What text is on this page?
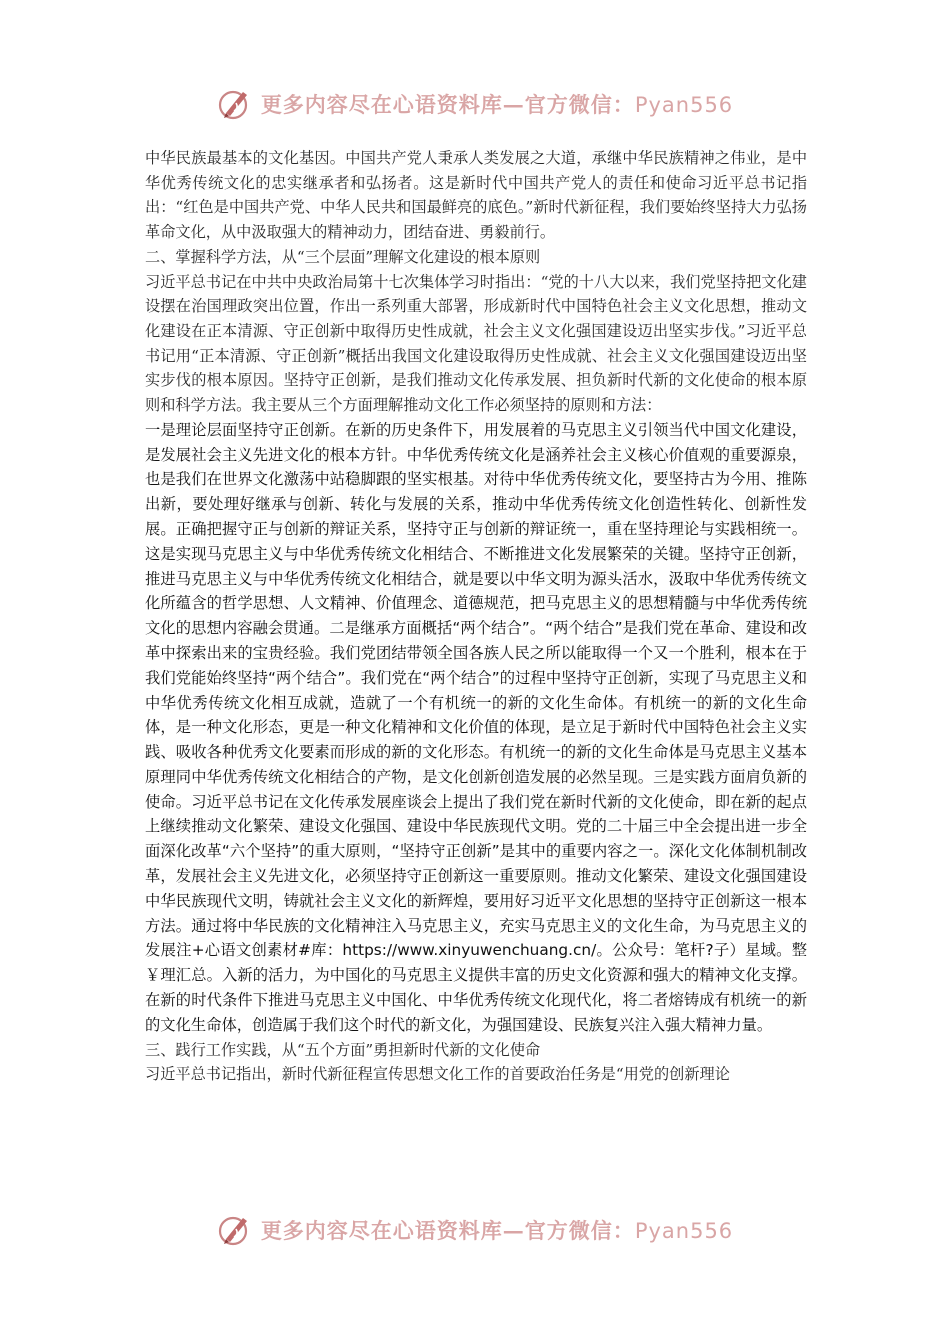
更多内容尽在心语资料库—官方微信：Pyan556

中华民族最基本的文化基因。中国共产党人秉承人类发展之大道，承继中华民族精神之伟业，是中华优秀传统文化的忠实继承者和弘扬者。这是新时代中国共产党人的责任和使命习近平总书记指出：“红色是中国共产党、中华人民共和国最鲜亮的底色。”新时代新征程，我们要始终坚持大力弘扬革命文化，从中汲取强大的精神动力，团结奋进、勇毅前行。

二、掌握科学方法，从“三个层面”理解文化建设的根本原则

习近平总书记在中共中央政治局第十七次集体学习时指出：“党的十八大以来，我们党坚持把文化建设摆在治国理政突出位置，作出一系列重大部署，形成新时代中国特色社会主义文化思想，推动文化建设在正本清源、守正创新中取得历史性成就，社会主义文化强国建设迈出坚实步伐。”习近平总书记用“正本清源、守正创新”概括出我国文化建设取得历史性成就、社会主义文化强国建设迈出坚实步伐的根本原因。坚持守正创新，是我们推动文化传承发展、担负新时代新的文化使命的根本原则和科学方法。我主要从三个方面理解推动文化工作必须坚持的原则和方法：

一是理论层面坚持守正创新。在新的历史条件下，用发展着的马克思主义引领当代中国文化建设，是发展社会主义先进文化的根本方针。中华优秀传统文化是涵养社会主义核心价值观的重要源泉，也是我们在世界文化激荡中站稳脚跟的坚实根基。对待中华优秀传统文化，要坚持古为今用、推陈出新，要处理好继承与创新、转化与发展的关系，推动中华优秀传统文化创造性转化、创新性发展。正确把握守正与创新的辩证关系，坚持守正与创新的辩证统一，重在坚持理论与实践相统一。这是实现马克思主义与中华优秀传统文化相结合、不断推进文化发展繁荣的关键。坚持守正创新，推进马克思主义与中华优秀传统文化相结合，就是要以中华文明为源头活水，汲取中华优秀传统文化所蕴含的哲学思想、人文精神、价值理念、道德规范，把马克思主义的思想精髓与中华优秀传统文化的思想内容融会贯通。二是继承方面概括“两个结合”。“两个结合”是我们党在革命、建设和改革中探索出来的宝贵经验。我们党团结带领全国各族人民之所以能取得一个又一个胜利，根本在于我们党能始终坚持“两个结合”。我们党在“两个结合”的过程中坚持守正创新，实现了马克思主义和中华优秀传统文化相互成就，造就了一个有机统一的新的文化生命体。有机统一的新的文化生命体，是一种文化形态，更是一种文化精神和文化价值的体现，是立足于新时代中国特色社会主义实践、吸收各种优秀文化要素而形成的新的文化形态。有机统一的新的文化生命体是马克思主义基本原理同中华优秀传统文化相结合的产物，是文化创新创造发展的必然呈现。三是实践方面肩负新的使命。习近平总书记在文化传承发展座谈会上提出了我们党在新时代新的文化使命，即在新的起点上继续推动文化繁荣、建设文化强国、建设中华民族现代文明。党的二十届三中全会提出进一步全面深化改革“六个坚持”的重大原则，“坚持守正创新”是其中的重要内容之一。深化文化体制机制改革，发展社会主义先进文化，必须坚持守正创新这一重要原则。推动文化繁荣、建设文化强国建设中华民族现代文明，铸就社会主义文化的新辉煌，要用好习近平文化思想的坚持守正创新这一根本方法。通过将中华民族的文化精神注入马克思主义，充实马克思主义的文化生命，为马克思主义的发展注+心语文创素材#库：https://www.xinyuwenchuang.cn/。公众号：笔杆?子）星域。整￥理汇总。入新的活力，为中国化的马克思主义提供丰富的历史文化资源和强大的精神文化支撑。在新的时代条件下推进马克思主义中国化、中华优秀传统文化现代化，将二者熔铸成有机统一的新的文化生命体，创造属于我们这个时代的新文化，为强国建设、民族复兴注入强大精神力量。

三、践行工作实践，从“五个方面”勇担新时代新的文化使命

习近平总书记指出，新时代新征程宣传思想文化工作的首要政治任务是“用党的创新理论

更多内容尽在心语资料库—官方微信：Pyan556
